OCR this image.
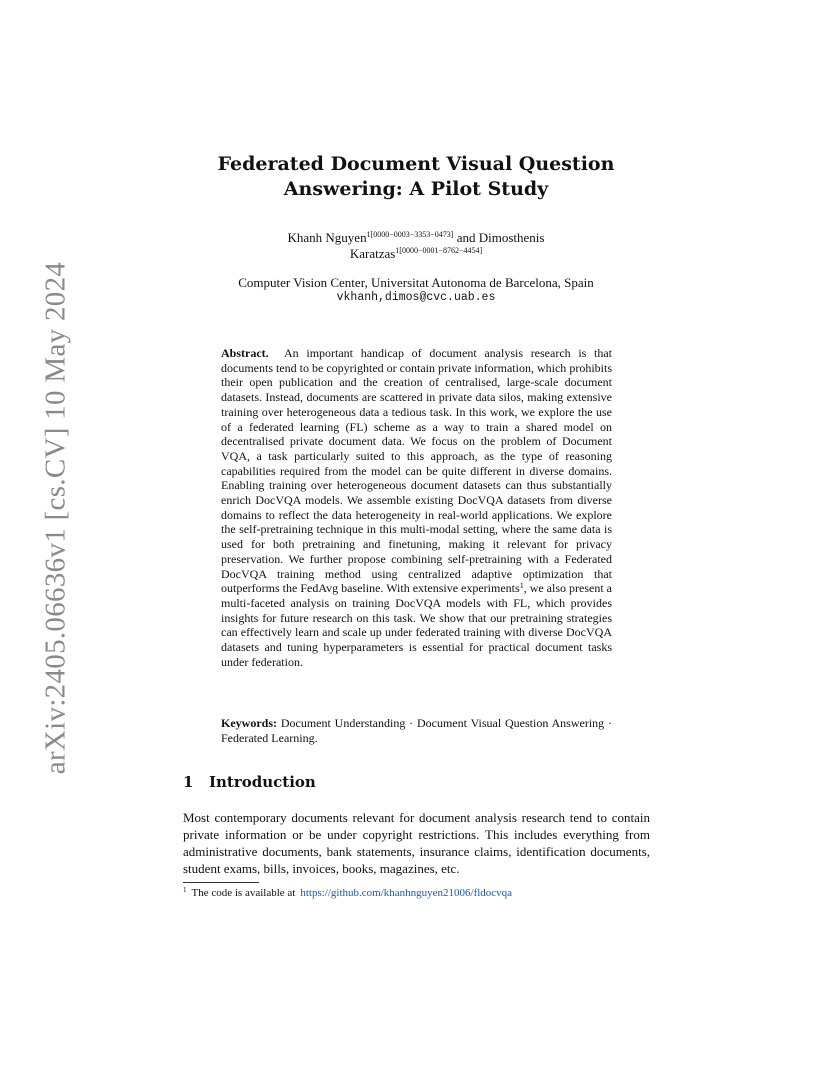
arXiv:2405.06636v1 [cs.CV] 10 May 2024
Federated Document Visual Question Answering: A Pilot Study
Khanh Nguyen$^{1[0000-0003-3353-0473]}$ and Dimosthenis
Karatzas$^{1[0000-0001-8762-4454]}$
Computer Vision Center, Universitat Autonoma de Barcelona, Spain
vkhanh,dimos@cvc.uab.es

Abstract. An important handicap of document analysis research is that documents tend to be copyrighted or contain private information, which prohibits their open publication and the creation of centralised, large-scale document datasets. Instead, documents are scattered in private data silos, making extensive training over heterogeneous data a tedious task. In this work, we explore the use of a federated learning (FL) scheme as a way to train a shared model on decentralised private document data. We focus on the problem of Document VQA, a task particularly suited to this approach, as the type of reasoning capabilities required from the model can be quite different in diverse domains. Enabling training over heterogeneous document datasets can thus substantially enrich DocVQA models. We assemble existing DocVQA datasets from diverse domains to reflect the data heterogeneity in real-world applications. We explore the self-pretraining technique in this multi-modal setting, where the same data is used for both pretraining and finetuning, making it relevant for privacy preservation. We further propose combining self-pretraining with a Federated DocVQA training method using centralized adaptive optimization that outperforms the FedAvg baseline. With extensive experiments$^1$, we also present a multi-faceted analysis on training DocVQA models with FL, which provides insights for future research on this task. We show that our pretraining strategies can effectively learn and scale up under federated training with diverse DocVQA datasets and tuning hyperparameters is essential for practical document tasks under federation.

Keywords: Document Understanding · Document Visual Question Answering · Federated Learning.

1 Introduction

Most contemporary documents relevant for document analysis research tend to contain private information or be under copyright restrictions. This includes everything from administrative documents, bank statements, insurance claims, identification documents, student exams, bills, invoices, books, magazines, etc.

$^1$ The code is available at https://github.com/khanhnguyen21006/fldocvqa
